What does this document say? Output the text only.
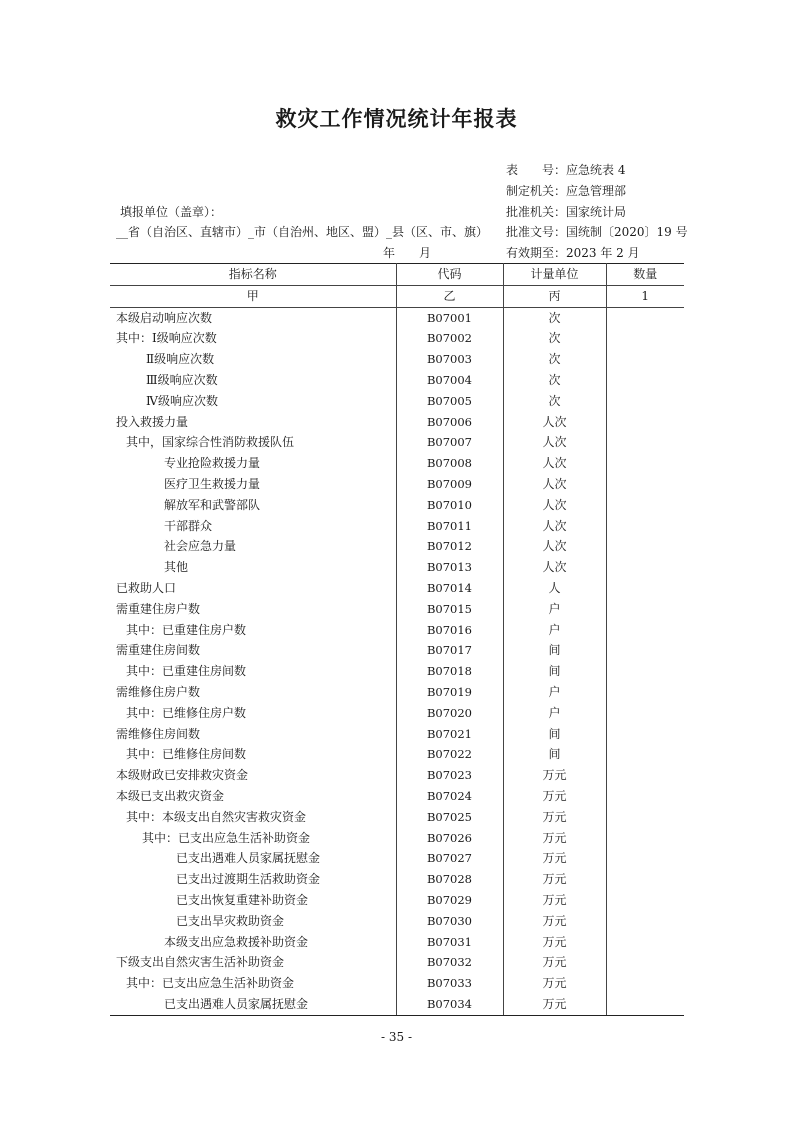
救灾工作情况统计年报表
表　　号：应急统表 4
制定机关：应急管理部
批准机关：国家统计局
批准文号：国统制〔2020〕19 号
有效期至：2023 年 2 月
填报单位（盖章）：
__省（自治区、直辖市）_市（自治州、地区、盟）_县（区、市、旗）
年　　月
指标名称	代码	计量单位	数量
甲	乙	丙	1
本级启动响应次数	B07001	次	
其中：Ⅰ级响应次数	B07002	次	
Ⅱ级响应次数	B07003	次	
Ⅲ级响应次数	B07004	次	
Ⅳ级响应次数	B07005	次	
投入救援力量	B07006	人次	
其中，国家综合性消防救援队伍	B07007	人次	
专业抢险救援力量	B07008	人次	
医疗卫生救援力量	B07009	人次	
解放军和武警部队	B07010	人次	
干部群众	B07011	人次	
社会应急力量	B07012	人次	
其他	B07013	人次	
已救助人口	B07014	人	
需重建住房户数	B07015	户	
其中：已重建住房户数	B07016	户	
需重建住房间数	B07017	间	
其中：已重建住房间数	B07018	间	
需维修住房户数	B07019	户	
其中：已维修住房户数	B07020	户	
需维修住房间数	B07021	间	
其中：已维修住房间数	B07022	间	
本级财政已安排救灾资金	B07023	万元	
本级已支出救灾资金	B07024	万元	
其中：本级支出自然灾害救灾资金	B07025	万元	
其中：已支出应急生活补助资金	B07026	万元	
已支出遇难人员家属抚慰金	B07027	万元	
已支出过渡期生活救助资金	B07028	万元	
已支出恢复重建补助资金	B07029	万元	
已支出旱灾救助资金	B07030	万元	
本级支出应急救援补助资金	B07031	万元	
下级支出自然灾害生活补助资金	B07032	万元	
其中：已支出应急生活补助资金	B07033	万元	
已支出遇难人员家属抚慰金	B07034	万元	
- 35 -
